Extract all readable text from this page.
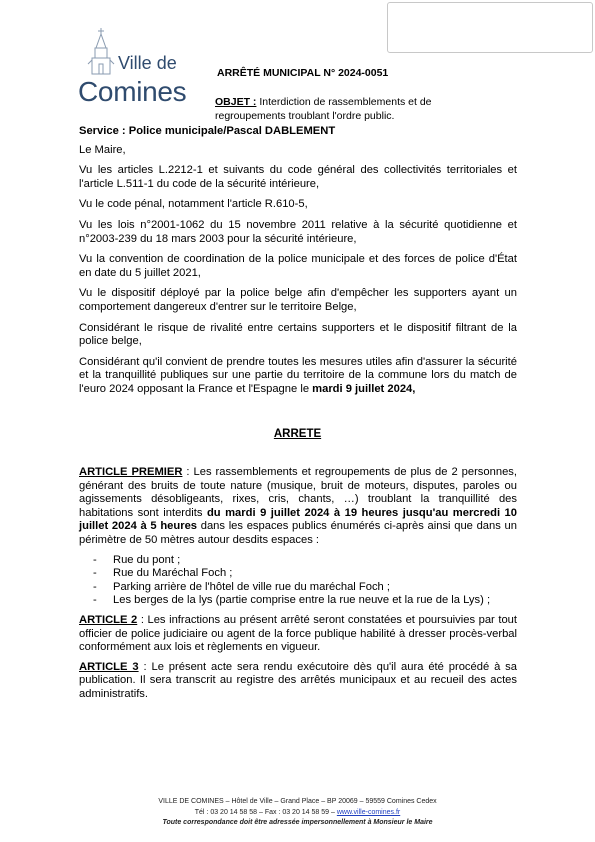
Ville de
Comines
ARRÊTÉ MUNICIPAL N° 2024-0051
OBJET : Interdiction de rassemblements et de regroupements troublant l'ordre public.

Service : Police municipale/Pascal DABLEMENT

Le Maire,

Vu les articles L.2212-1 et suivants du code général des collectivités territoriales et l'article L.511-1 du code de la sécurité intérieure,

Vu le code pénal, notamment l'article R.610-5,

Vu les lois n°2001-1062 du 15 novembre 2011 relative à la sécurité quotidienne et n°2003-239 du 18 mars 2003 pour la sécurité intérieure,

Vu la convention de coordination de la police municipale et des forces de police d'État en date du 5 juillet 2021,

Vu le dispositif déployé par la police belge afin d'empêcher les supporters ayant un comportement dangereux d'entrer sur le territoire Belge,

Considérant le risque de rivalité entre certains supporters et le dispositif filtrant de la police belge,

Considérant qu'il convient de prendre toutes les mesures utiles afin d'assurer la sécurité et la tranquillité publiques sur une partie du territoire de la commune lors du match de l'euro 2024 opposant la France et l'Espagne le mardi 9 juillet 2024,

ARRETE

ARTICLE PREMIER : Les rassemblements et regroupements de plus de 2 personnes, générant des bruits de toute nature (musique, bruit de moteurs, disputes, paroles ou agissements désobligeants, rixes, cris, chants, …) troublant la tranquillité des habitations sont interdits du mardi 9 juillet 2024 à 19 heures jusqu'au mercredi 10 juillet 2024 à 5 heures dans les espaces publics énumérés ci-après ainsi que dans un périmètre de 50 mètres autour desdits espaces :

- Rue du pont ;
- Rue du Maréchal Foch ;
- Parking arrière de l'hôtel de ville rue du maréchal Foch ;
- Les berges de la lys (partie comprise entre la rue neuve et la rue de la Lys) ;

ARTICLE 2 : Les infractions au présent arrêté seront constatées et poursuivies par tout officier de police judiciaire ou agent de la force publique habilité à dresser procès-verbal conformément aux lois et règlements en vigueur.

ARTICLE 3 : Le présent acte sera rendu exécutoire dès qu'il aura été procédé à sa publication. Il sera transcrit au registre des arrêtés municipaux et au recueil des actes administratifs.

VILLE DE COMINES – Hôtel de Ville – Grand Place – BP 20069 – 59559 Comines Cedex
Tél : 03 20 14 58 58 – Fax : 03 20 14 58 59 – www.ville-comines.fr
Toute correspondance doit être adressée impersonnellement à Monsieur le Maire
